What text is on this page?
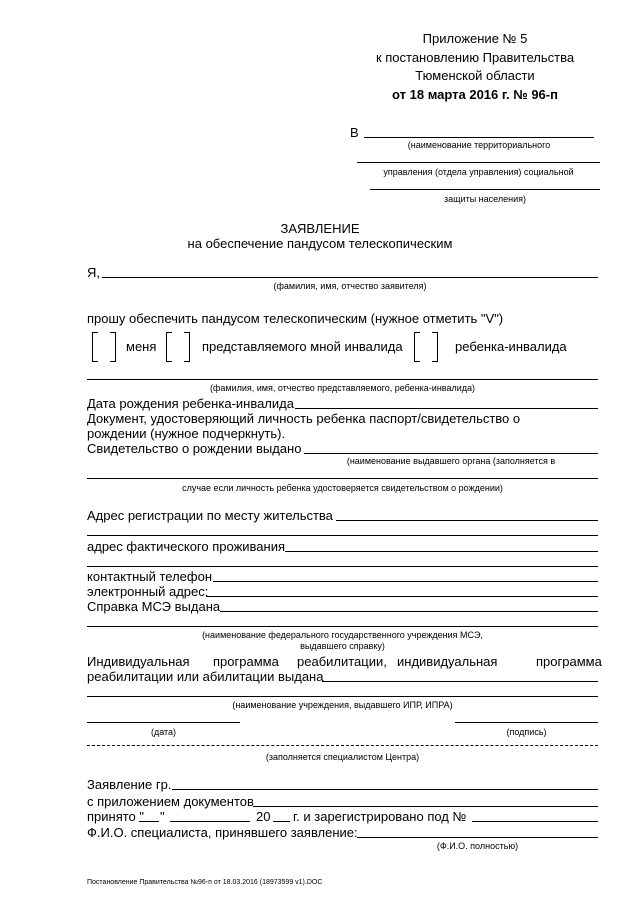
Приложение № 5
к постановлению Правительства
Тюменской области
от 18 марта 2016 г. № 96-п
В
(наименование территориального
управления (отдела управления) социальной
защиты населения)
ЗАЯВЛЕНИЕ
на обеспечение пандусом телескопическим
Я,
(фамилия, имя, отчество заявителя)
прошу обеспечить пандусом телескопическим (нужное отметить "V")
меня	представляемого мной инвалида	ребенка-инвалида
(фамилия, имя, отчество представляемого, ребенка-инвалида)
Дата рождения ребенка-инвалида
Документ, удостоверяющий личность ребенка паспорт/свидетельство о
рождении (нужное подчеркнуть).
Свидетельство о рождении выдано
(наименование выдавшего органа (заполняется в
случае если личность ребенка удостоверяется свидетельством о рождении)
Адрес регистрации по месту жительства
адрес фактического проживания
контактный телефон
электронный адрес:
Справка МСЭ выдана
(наименование федерального государственного учреждения МСЭ,
выдавшего справку)
Индивидуальная программа реабилитации, индивидуальная	программа
реабилитации или абилитации выдана
(наименование учреждения, выдавшего ИПР, ИПРА)
(дата)	(подпись)
(заполняется специалистом Центра)
Заявление гр.
с приложением документов
принято " "	20 г. и зарегистрировано под №
Ф.И.О. специалиста, принявшего заявление:
(Ф.И.О. полностью)
Постановление Правительства №96-п от 18.03.2016 (18973599 v1).DOC
